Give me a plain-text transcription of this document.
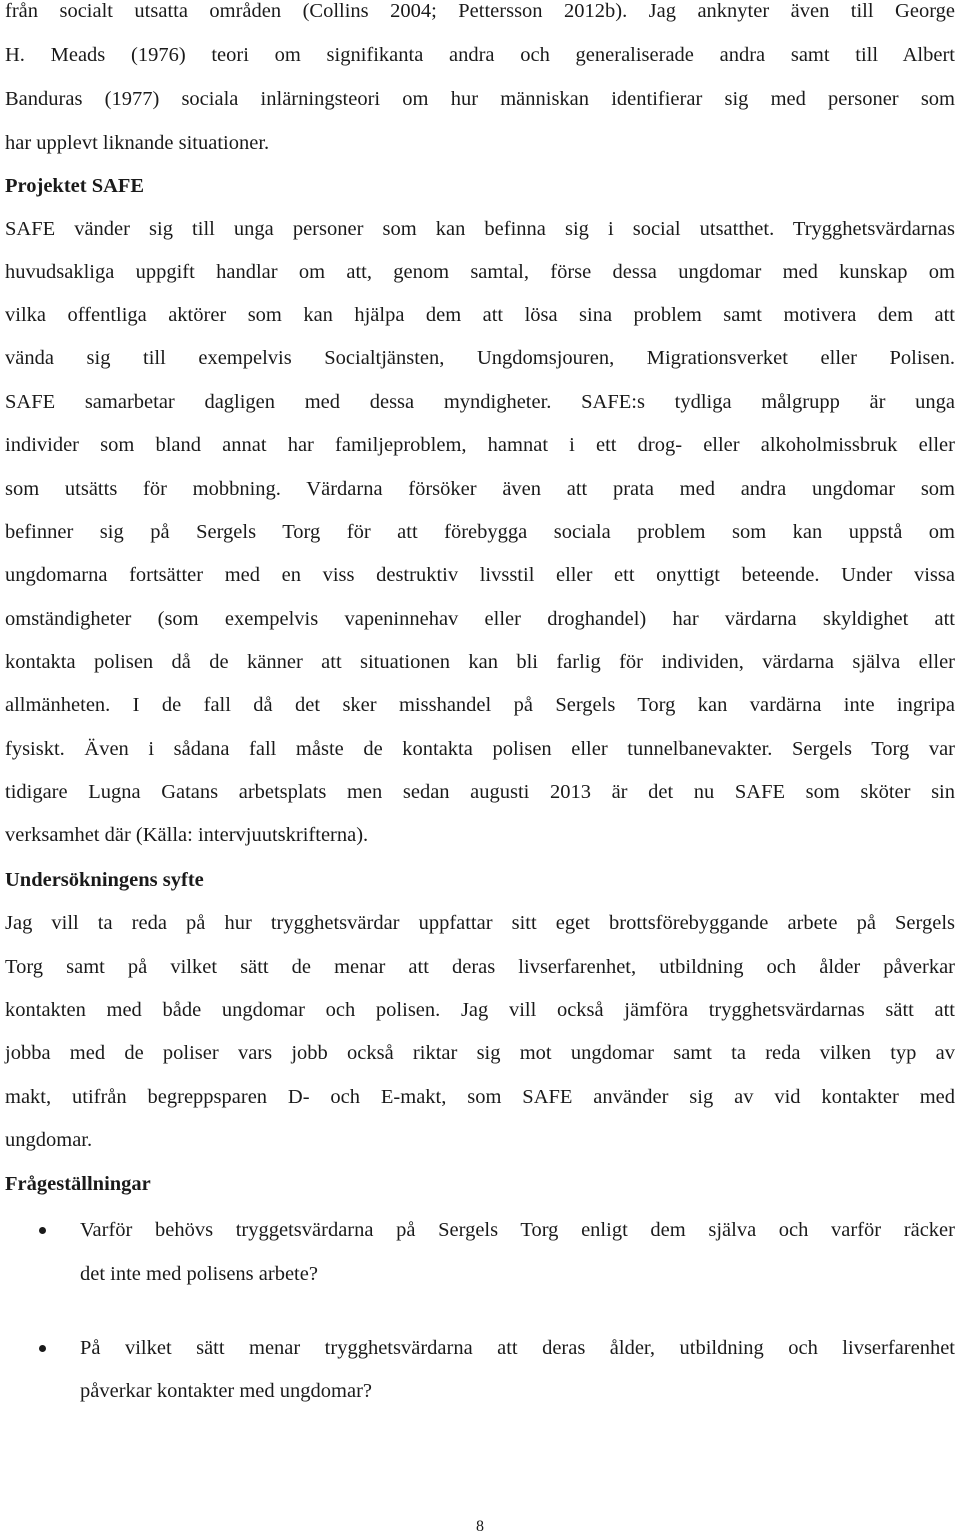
från socialt utsatta områden (Collins 2004; Pettersson 2012b). Jag anknyter även till George
H. Meads (1976) teori om signifikanta andra och generaliserade andra samt till Albert
Banduras (1977) sociala inlärningsteori om hur människan identifierar sig med personer som
har upplevt liknande situationer.
Projektet SAFE
SAFE vänder sig till unga personer som kan befinna sig i social utsatthet. Trygghetsvärdarnas
huvudsakliga uppgift handlar om att, genom samtal, förse dessa ungdomar med kunskap om
vilka offentliga aktörer som kan hjälpa dem att lösa sina problem samt motivera dem att
vända sig till exempelvis Socialtjänsten, Ungdomsjouren, Migrationsverket eller Polisen.
SAFE samarbetar dagligen med dessa myndigheter. SAFE:s tydliga målgrupp är unga
individer som bland annat har familjeproblem, hamnat i ett drog- eller alkoholmissbruk eller
som utsätts för mobbning. Värdarna försöker även att prata med andra ungdomar som
befinner sig på Sergels Torg för att förebygga sociala problem som kan uppstå om
ungdomarna fortsätter med en viss destruktiv livsstil eller ett onyttigt beteende. Under vissa
omständigheter (som exempelvis vapeninnehav eller droghandel) har värdarna skyldighet att
kontakta polisen då de känner att situationen kan bli farlig för individen, värdarna själva eller
allmänheten. I de fall då det sker misshandel på Sergels Torg kan vardärna inte ingripa
fysiskt. Även i sådana fall måste de kontakta polisen eller tunnelbanevakter. Sergels Torg var
tidigare Lugna Gatans arbetsplats men sedan augusti 2013 är det nu SAFE som sköter sin
verksamhet där (Källa: intervjuutskrifterna).
Undersökningens syfte
Jag vill ta reda på hur trygghetsvärdar uppfattar sitt eget brottsförebyggande arbete på Sergels
Torg samt på vilket sätt de menar att deras livserfarenhet, utbildning och ålder påverkar
kontakten med både ungdomar och polisen. Jag vill också jämföra trygghetsvärdarnas sätt att
jobba med de poliser vars jobb också riktar sig mot ungdomar samt ta reda vilken typ av
makt, utifrån begreppsparen D- och E-makt, som SAFE använder sig av vid kontakter med
ungdomar.
Frågeställningar
Varför behövs tryggetsvärdarna på Sergels Torg enligt dem själva och varför räcker
det inte med polisens arbete?
På vilket sätt menar trygghetsvärdarna att deras ålder, utbildning och livserfarenhet
påverkar kontakter med ungdomar?
8
